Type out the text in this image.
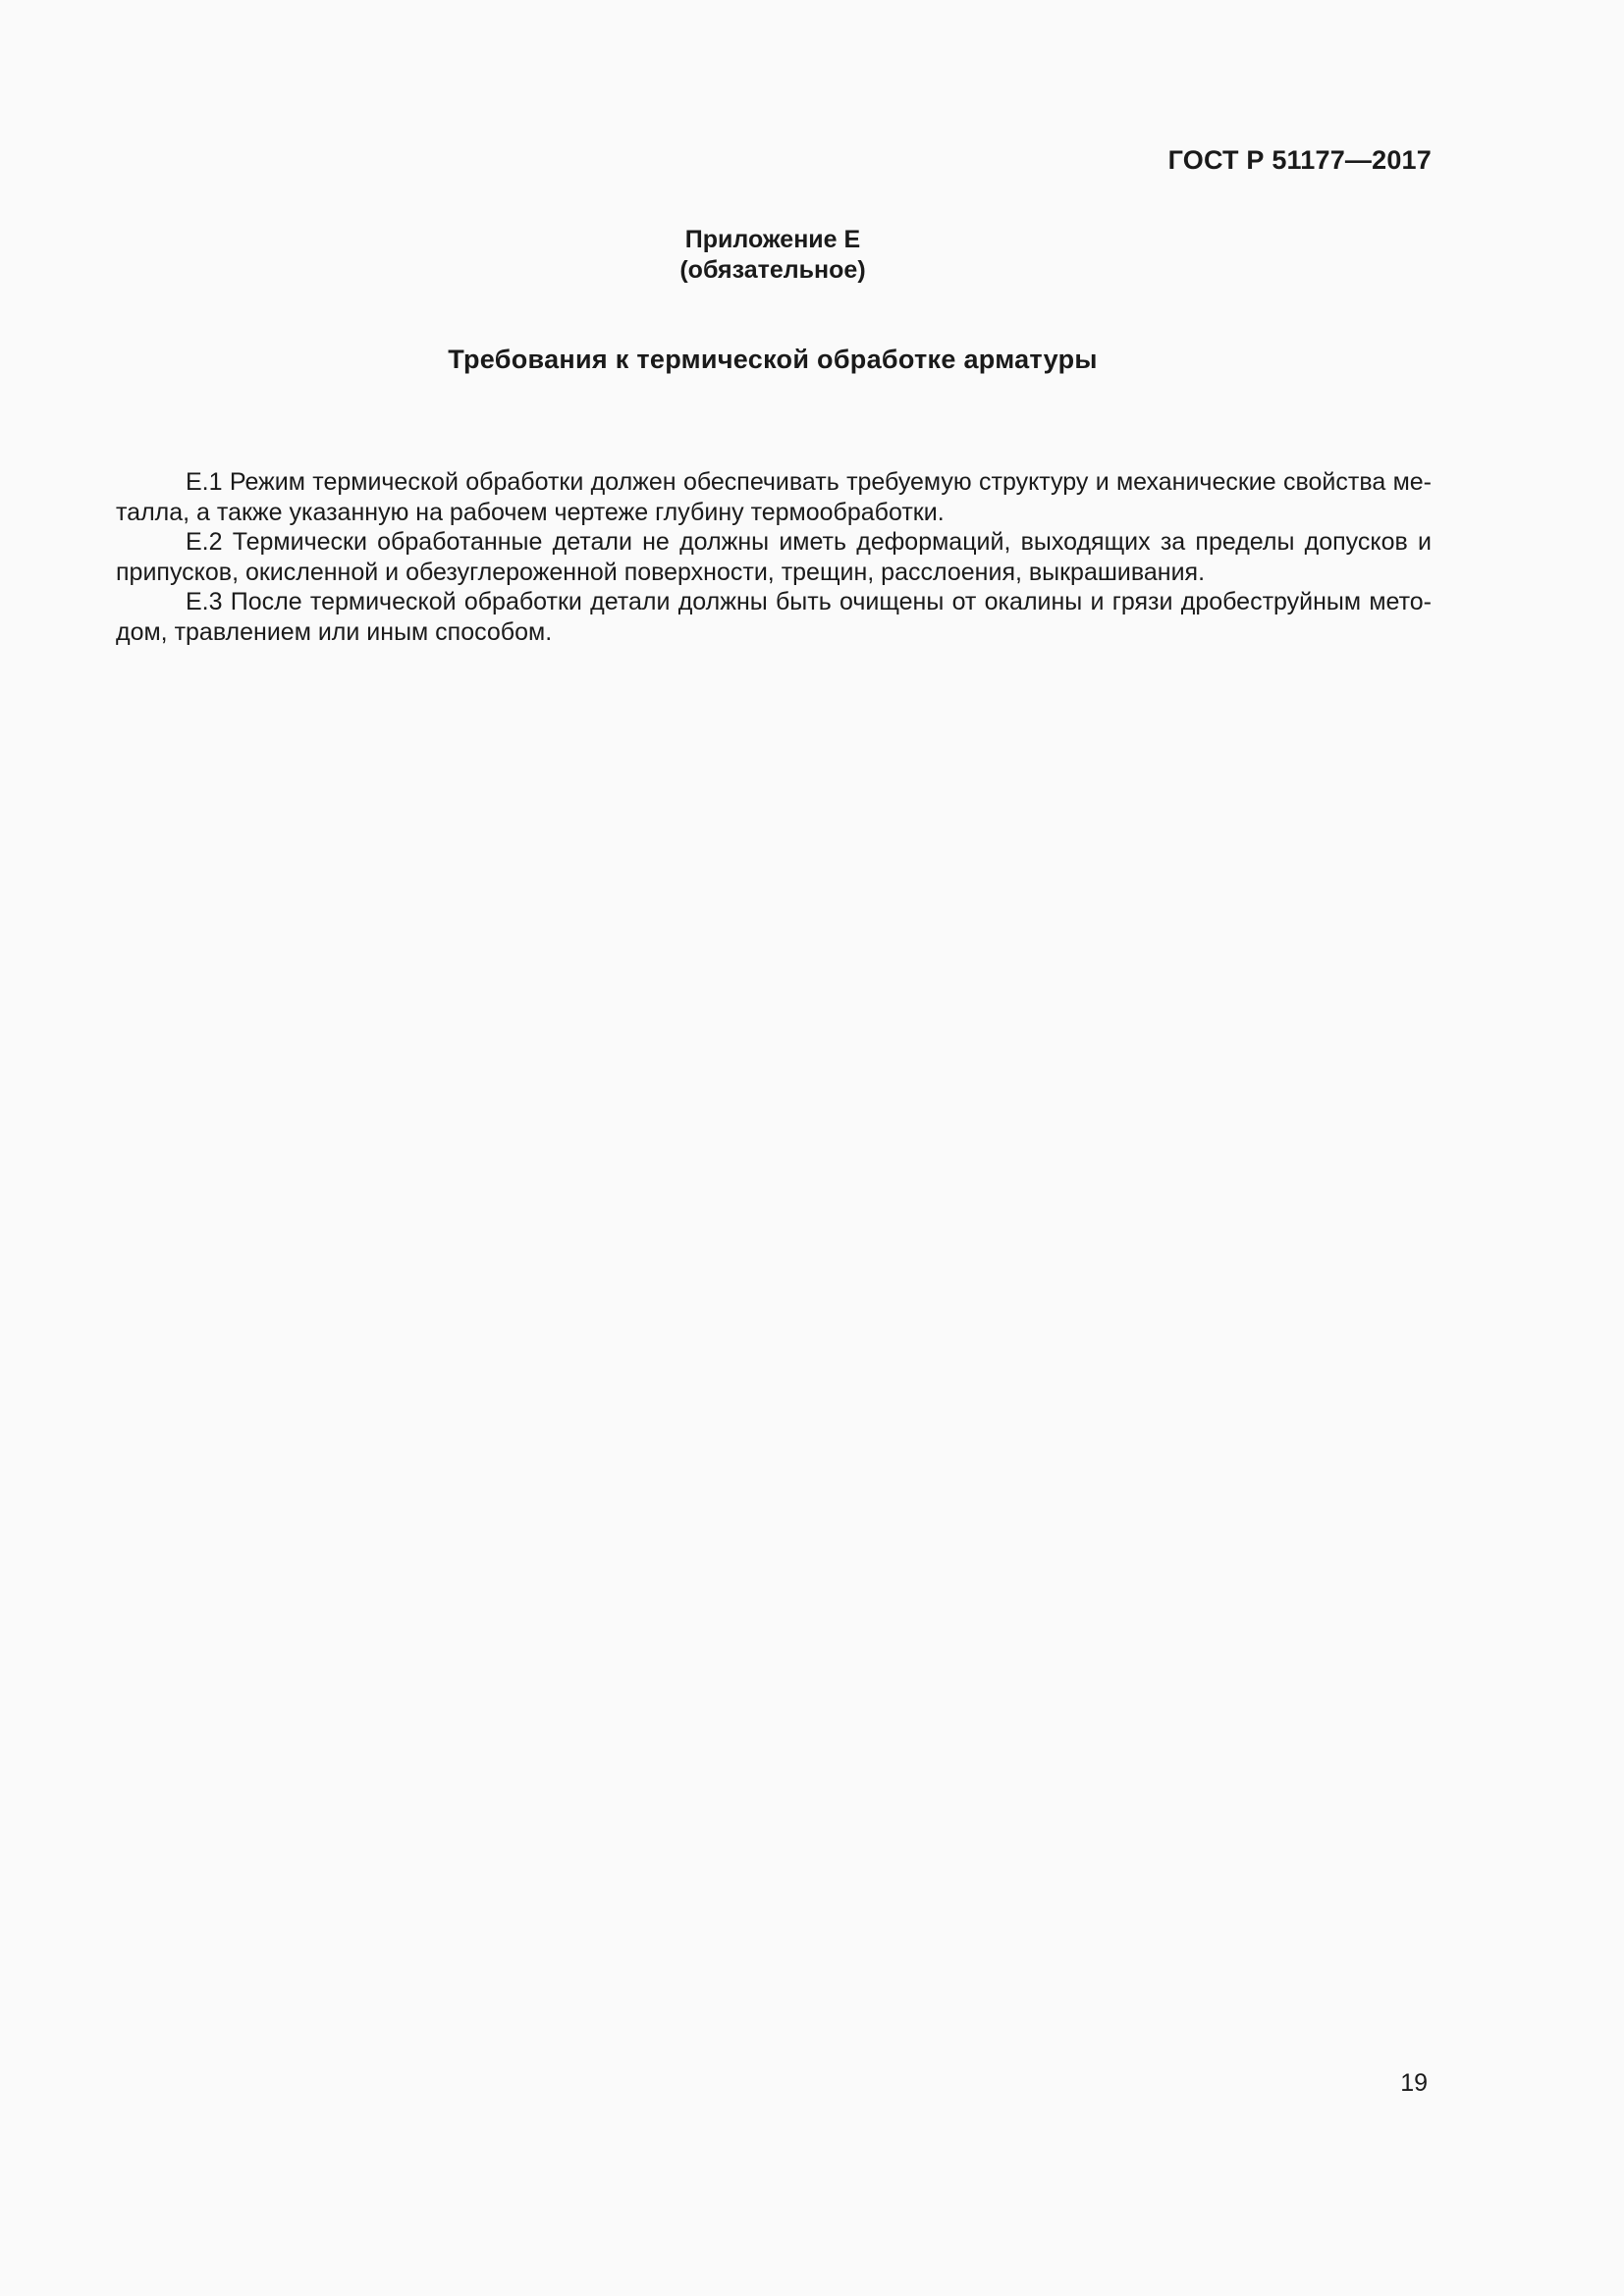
ГОСТ Р 51177—2017
Приложение Е
(обязательное)
Требования к термической обработке арматуры

Е.1 Режим термической обработки должен обеспечивать требуемую структуру и механические свойства металла, а также указанную на рабочем чертеже глубину термообработки.

Е.2 Термически обработанные детали не должны иметь деформаций, выходящих за пределы допусков и припусков, окисленной и обезуглероженной поверхности, трещин, расслоения, выкрашивания.

Е.3 После термической обработки детали должны быть очищены от окалины и грязи дробеструйным методом, травлением или иным способом.

19
